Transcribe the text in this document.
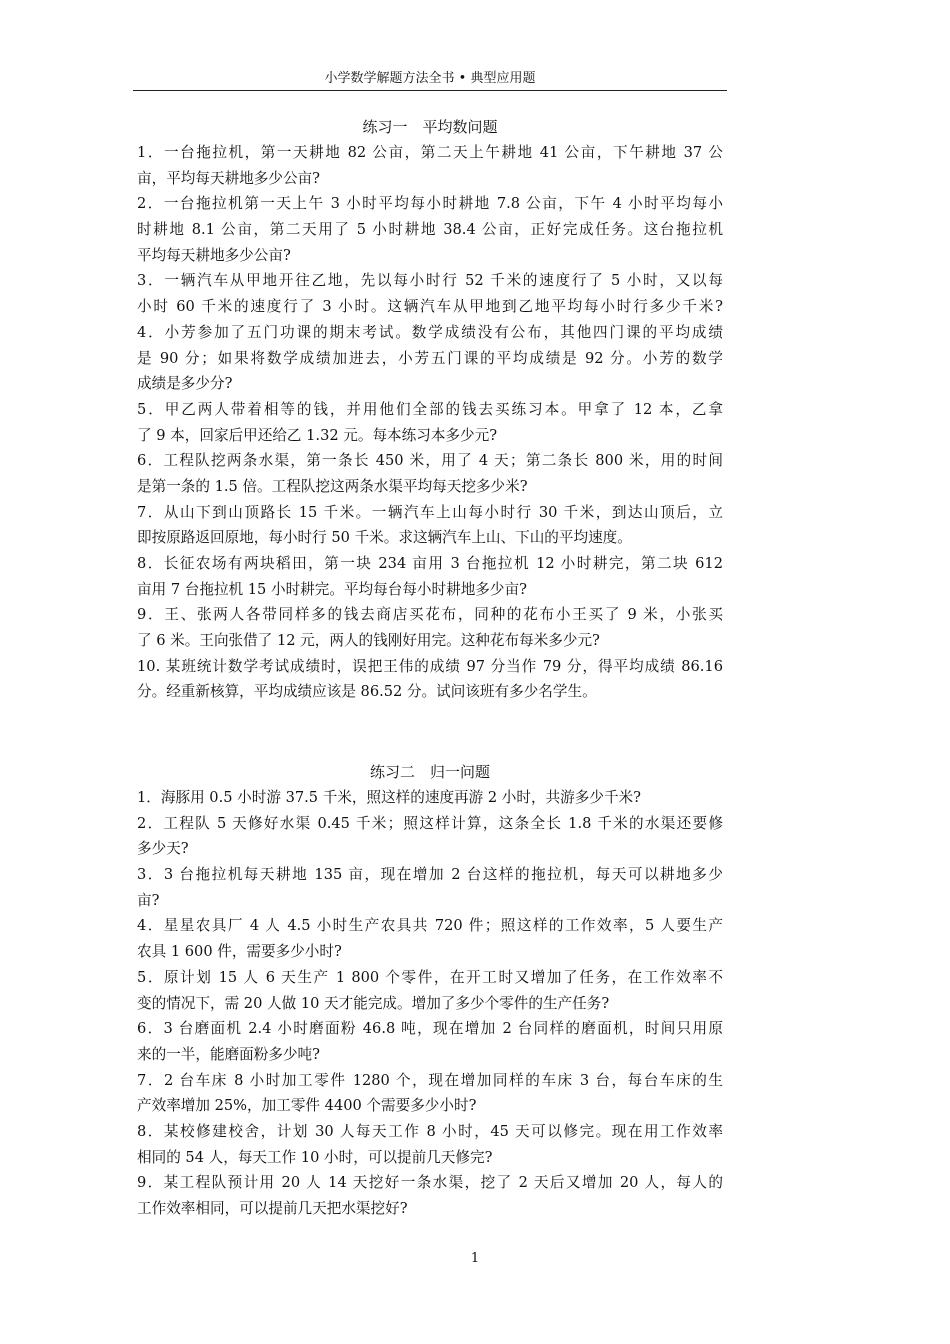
小学数学解题方法全书 • 典型应用题
练习一　平均数问题
1．一台拖拉机，第一天耕地 82 公亩，第二天上午耕地 41 公亩，下午耕地 37 公
亩，平均每天耕地多少公亩?
2．一台拖拉机第一天上午 3 小时平均每小时耕地 7.8 公亩，下午 4 小时平均每小
时耕地 8.1 公亩，第二天用了 5 小时耕地 38.4 公亩，正好完成任务。这台拖拉机
平均每天耕地多少公亩?
3．一辆汽车从甲地开往乙地，先以每小时行 52 千米的速度行了 5 小时，又以每
小时 60 千米的速度行了 3 小时。这辆汽车从甲地到乙地平均每小时行多少千米?
4．小芳参加了五门功课的期末考试。数学成绩没有公布，其他四门课的平均成绩
是 90 分；如果将数学成绩加进去，小芳五门课的平均成绩是 92 分。小芳的数学
成绩是多少分?
5．甲乙两人带着相等的钱，并用他们全部的钱去买练习本。甲拿了 12 本，乙拿
了 9 本，回家后甲还给乙 1.32 元。每本练习本多少元?
6．工程队挖两条水渠，第一条长 450 米，用了 4 天；第二条长 800 米，用的时间
是第一条的 1.5 倍。工程队挖这两条水渠平均每天挖多少米?
7．从山下到山顶路长 15 千米。一辆汽车上山每小时行 30 千米，到达山顶后，立
即按原路返回原地，每小时行 50 千米。求这辆汽车上山、下山的平均速度。
8．长征农场有两块稻田，第一块 234 亩用 3 台拖拉机 12 小时耕完，第二块 612
亩用 7 台拖拉机 15 小时耕完。平均每台每小时耕地多少亩?
9．王、张两人各带同样多的钱去商店买花布，同种的花布小王买了 9 米，小张买
了 6 米。王向张借了 12 元，两人的钱刚好用完。这种花布每米多少元?
10. 某班统计数学考试成绩时，误把王伟的成绩 97 分当作 79 分，得平均成绩 86.16
分。经重新核算，平均成绩应该是 86.52 分。试问该班有多少名学生。
练习二　归一问题
1．海豚用 0.5 小时游 37.5 千米，照这样的速度再游 2 小时，共游多少千米?
2．工程队 5 天修好水渠 0.45 千米；照这样计算，这条全长 1.8 千米的水渠还要修
多少天?
3．3 台拖拉机每天耕地 135 亩，现在增加 2 台这样的拖拉机，每天可以耕地多少
亩?
4．星星农具厂 4 人 4.5 小时生产农具共 720 件；照这样的工作效率，5 人要生产
农具 1 600 件，需要多少小时?
5．原计划 15 人 6 天生产 1 800 个零件，在开工时又增加了任务，在工作效率不
变的情况下，需 20 人做 10 天才能完成。增加了多少个零件的生产任务?
6．3 台磨面机 2.4 小时磨面粉 46.8 吨，现在增加 2 台同样的磨面机，时间只用原
来的一半，能磨面粉多少吨?
7．2 台车床 8 小时加工零件 1280 个，现在增加同样的车床 3 台，每台车床的生
产效率增加 25%，加工零件 4400 个需要多少小时?
8．某校修建校舍，计划 30 人每天工作 8 小时，45 天可以修完。现在用工作效率
相同的 54 人，每天工作 10 小时，可以提前几天修完?
9．某工程队预计用 20 人 14 天挖好一条水渠，挖了 2 天后又增加 20 人，每人的
工作效率相同，可以提前几天把水渠挖好?
1
